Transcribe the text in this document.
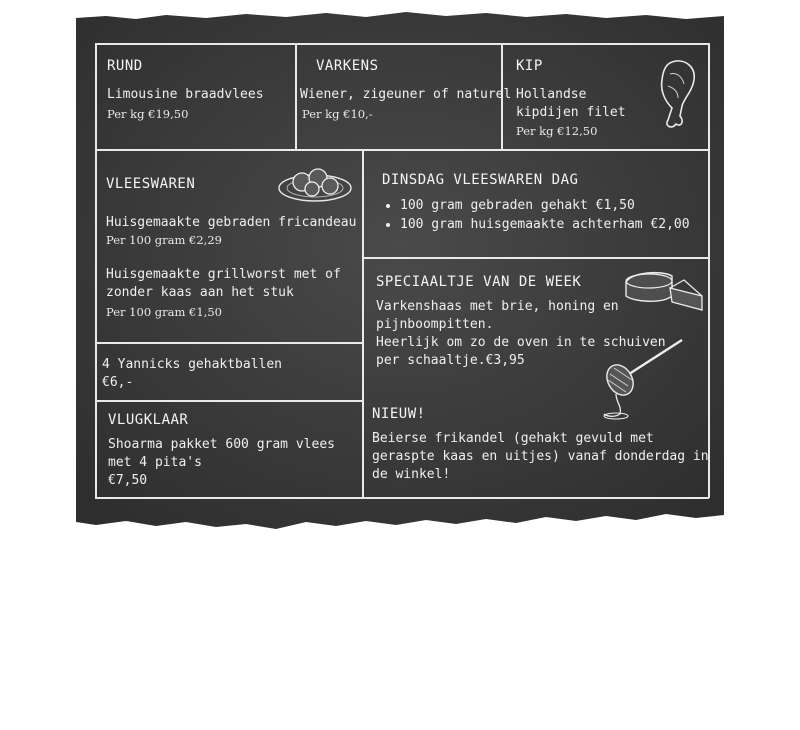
RUND

Limousine braadvlees

Per kg €19,50

VARKENS

Wiener, zigeuner of naturel

Per kg €10,-

KIP

Hollandse

kipdijen filet

Per kg €12,50

VLEESWAREN

Huisgemaakte gebraden fricandeau

Per 100 gram €2,29

Huisgemaakte grillworst met of

zonder kaas aan het stuk

Per 100 gram €1,50

DINSDAG VLEESWAREN DAG

• 100 gram gebraden gehakt €1,50
• 100 gram huisgemaakte achterham €2,00

SPECIAALTJE VAN DE WEEK

Varkenshaas met brie, honing en

pijnboompitten.

Heerlijk om zo de oven in te schuiven

per schaaltje.€3,95

4 Yannicks gehaktballen

€6,-

VLUGKLAAR

Shoarma pakket 600 gram vlees

met 4 pita's

€7,50

NIEUW!

Beierse frikandel (gehakt gevuld met

geraspte kaas en uitjes) vanaf donderdag in

de winkel!
